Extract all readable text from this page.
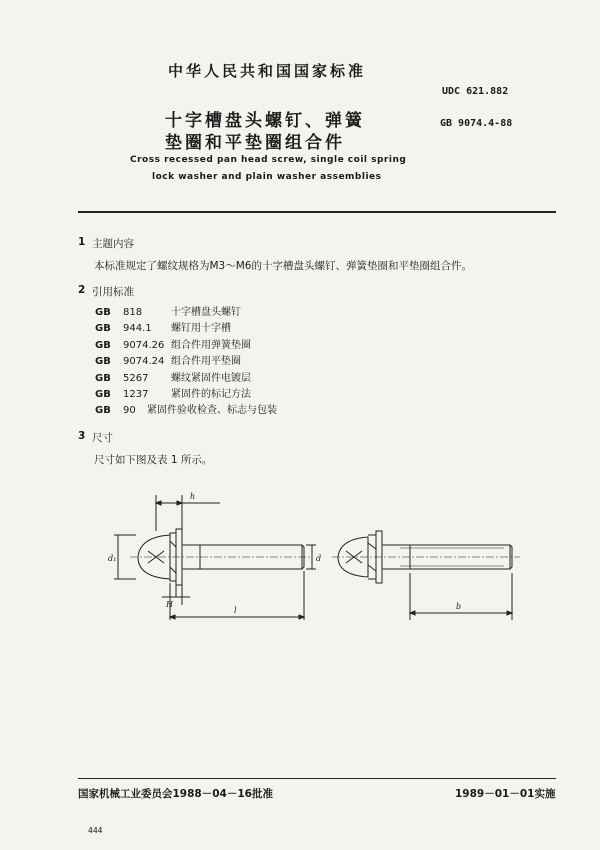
中华人民共和国国家标准
UDC 621.882
GB 9074.4-88
十字槽盘头螺钉、弹簧
垫圈和平垫圈组合件
Cross recessed pan head screw, single coil spring
lock washer and plain washer assemblies
1 主题内容
本标准规定了螺纹规格为M3～M6的十字槽盘头螺钉、弹簧垫圈和平垫圈组合件。
2 引用标准
GB	818	十字槽盘头螺钉
GB	944.1	螺钉用十字槽
GB	9074.26 组合件用弹簧垫圈
GB	9074.24 组合件用平垫圈
GB	5267	螺纹紧固件电镀层
GB	1237	紧固件的标记方法
GB	90	紧固件验收检查、标志与包装
3 尺寸
尺寸如下图及表 1 所示。
h
d₁	d
H
l	b
国家机械工业委员会1988－04－16批准	1989－01－01实施
444
